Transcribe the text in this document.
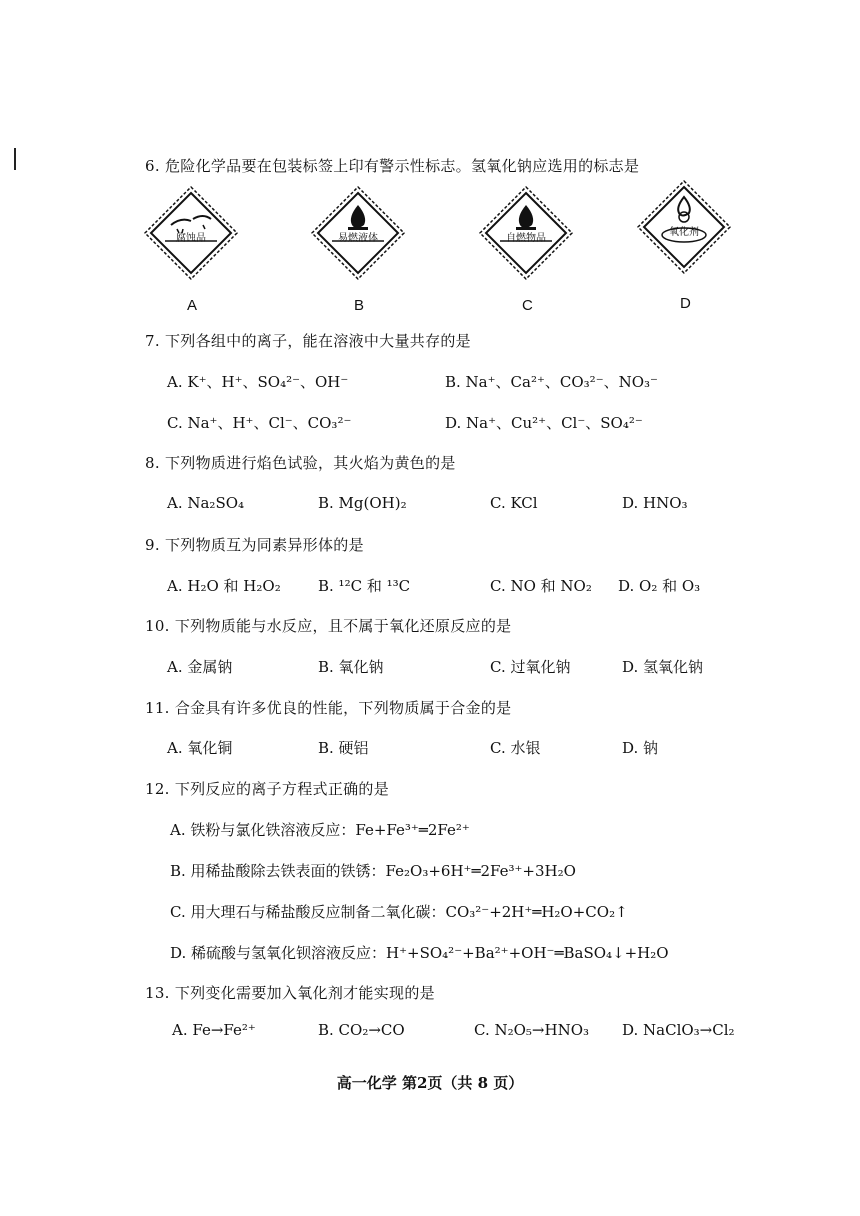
6. 危险化学品要在包装标签上印有警示性标志。氢氧化钠应选用的标志是
腐蚀品
A
易燃液体
B
自燃物品
C
氧化剂
D
7. 下列各组中的离子，能在溶液中大量共存的是
A. K⁺、H⁺、SO₄²⁻、OH⁻	B. Na⁺、Ca²⁺、CO₃²⁻、NO₃⁻
C. Na⁺、H⁺、Cl⁻、CO₃²⁻	D. Na⁺、Cu²⁺、Cl⁻、SO₄²⁻
8. 下列物质进行焰色试验，其火焰为黄色的是
A. Na₂SO₄	B. Mg(OH)₂	C. KCl	D. HNO₃
9. 下列物质互为同素异形体的是
A. H₂O 和 H₂O₂ B. ¹²C 和 ¹³C	C. NO 和 NO₂ D. O₂ 和 O₃
10. 下列物质能与水反应，且不属于氧化还原反应的是
A. 金属钠	B. 氧化钠	C. 过氧化钠	D. 氢氧化钠
11. 合金具有许多优良的性能，下列物质属于合金的是
A. 氧化铜	B. 硬铝	C. 水银	D. 钠
12. 下列反应的离子方程式正确的是
A. 铁粉与氯化铁溶液反应：Fe+Fe³⁺═2Fe²⁺
B. 用稀盐酸除去铁表面的铁锈：Fe₂O₃+6H⁺═2Fe³⁺+3H₂O
C. 用大理石与稀盐酸反应制备二氧化碳：CO₃²⁻+2H⁺═H₂O+CO₂↑
D. 稀硫酸与氢氧化钡溶液反应：H⁺+SO₄²⁻+Ba²⁺+OH⁻═BaSO₄↓+H₂O
13. 下列变化需要加入氧化剂才能实现的是
A. Fe→Fe²⁺	B. CO₂→CO	C. N₂O₅→HNO₃ D. NaClO₃→Cl₂
高一化学 第2页（共 8 页）
